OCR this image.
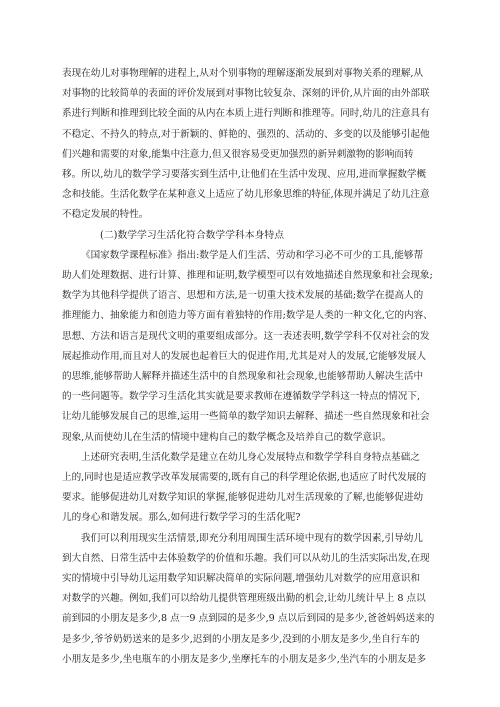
表现在幼儿对事物理解的进程上,从对个别事物的理解逐渐发展到对事物关系的理解,从
对事物的比较简单的表面的评价发展到对事物比较复杂、深刻的评价,从片面的由外部联
系进行判断和推理到比较全面的从内在本质上进行判断和推理等。同时,幼儿的注意具有
不稳定、不持久的特点,对于新颖的、鲜艳的、强烈的、活动的、多变的以及能够引起他
们兴趣和需要的对象,能集中注意力,但又很容易受更加强烈的新异刺激物的影响而转
移。所以,幼儿的数学学习要落实到生活中,让他们在生活中发现、应用,进而掌握数学概
念和技能。生活化数学在某种意义上适应了幼儿形象思维的特征,体现并满足了幼儿注意
不稳定发展的特性。

(二)数学学习生活化符合数学学科本身特点

《国家数学课程标准》指出:数学是人们生活、劳动和学习必不可少的工具,能够帮
助人们处理数据、进行计算、推理和证明,数学模型可以有效地描述自然现象和社会现象;
数学为其他科学提供了语言、思想和方法,是一切重大技术发展的基础;数学在提高人的
推理能力、抽象能力和创造力等方面有着独特的作用;数学是人类的一种文化,它的内容、
思想、方法和语言是现代文明的重要组成部分。这一表述表明,数学学科不仅对社会的发
展起推动作用,而且对人的发展也起着巨大的促进作用,尤其是对人的发展,它能够发展人
的思维,能够帮助人解释并描述生活中的自然现象和社会现象,也能够帮助人解决生活中
的一些问题等。数学学习生活化其实就是要求教师在遵循数学学科这一特点的情况下,
让幼儿能够发展自己的思维,运用一些简单的数学知识去解释、描述一些自然现象和社会
现象,从而使幼儿在生活的情境中建构自己的数学概念及培养自己的数学意识。

上述研究表明,生活化数学是建立在幼儿身心发展特点和数学学科自身特点基础之
上的,同时也是适应教学改革发展需要的,既有自己的科学理论依据,也适应了时代发展的
要求。能够促进幼儿对数学知识的掌握,能够促进幼儿对生活现象的了解,也能够促进幼
儿的身心和谐发展。那么,如何进行数学学习的生活化呢?

我们可以利用现实生活情景,即充分利用周围生活环境中现有的数学因素,引导幼儿
到大自然、日常生活中去体验数学的价值和乐趣。我们可以从幼儿的生活实际出发,在现
实的情境中引导幼儿运用数学知识解决简单的实际问题,增强幼儿对数学的应用意识和
对数学的兴趣。例如,我们可以给幼儿提供管理班级出勤的机会,让幼儿统计早上 8 点以
前到园的小朋友是多少,8 点一9 点到园的是多少,9 点以后到园的是多少,爸爸妈妈送来的
是多少,爷爷奶奶送来的是多少,迟到的小朋友是多少,没到的小朋友是多少,坐自行车的
小朋友是多少,坐电瓶车的小朋友是多少,坐摩托车的小朋友是多少,坐汽车的小朋友是多
